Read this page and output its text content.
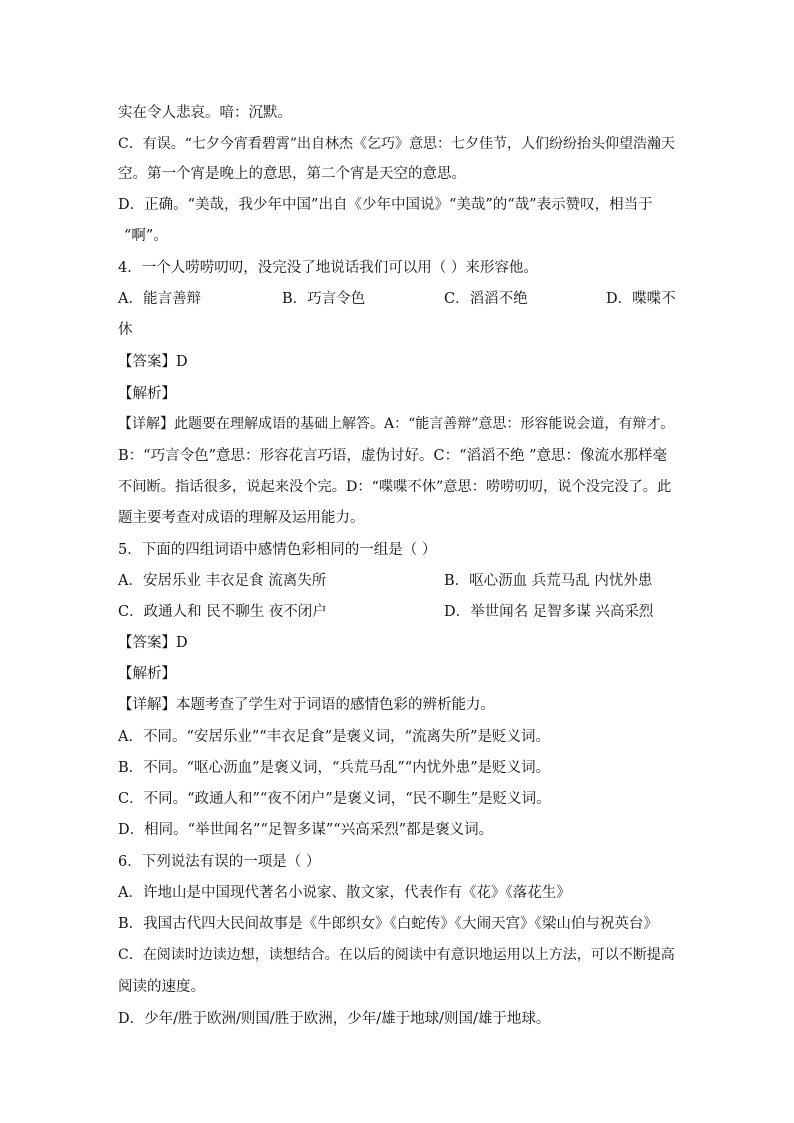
实在令人悲哀。喑：沉默。
C．有误。“七夕今宵看碧霄”出自林杰《乞巧》意思：七夕佳节，人们纷纷抬头仰望浩瀚天
空。第一个宵是晚上的意思，第二个宵是天空的意思。
D．正确。“美哉，我少年中国”出自《少年中国说》“美哉”的“哉”表示赞叹，相当于
“啊”。
4．一个人唠唠叨叨，没完没了地说话我们可以用（ ）来形容他。
A．能言善辩	B．巧言令色	C．滔滔不绝	D．喋喋不
休
【答案】D
【解析】
【详解】此题要在理解成语的基础上解答。A：“能言善辩”意思：形容能说会道，有辩才。
B：“巧言令色”意思：形容花言巧语，虚伪讨好。C：“滔滔不绝 ”意思：像流水那样毫
不间断。指话很多，说起来没个完。D：“喋喋不休”意思：唠唠叨叨，说个没完没了。此
题主要考查对成语的理解及运用能力。
5．下面的四组词语中感情色彩相同的一组是（ ）
A．安居乐业 丰衣足食 流离失所	B．呕心沥血 兵荒马乱 内忧外患
C．政通人和 民不聊生 夜不闭户	D．举世闻名 足智多谋 兴高采烈
【答案】D
【解析】
【详解】本题考查了学生对于词语的感情色彩的辨析能力。
A．不同。“安居乐业”“丰衣足食”是褒义词，“流离失所”是贬义词。
B．不同。“呕心沥血”是褒义词，“兵荒马乱”“内忧外患”是贬义词。
C．不同。“政通人和”“夜不闭户”是褒义词，“民不聊生”是贬义词。
D．相同。“举世闻名”“足智多谋”“兴高采烈”都是褒义词。
6．下列说法有误的一项是（ ）
A．许地山是中国现代著名小说家、散文家，代表作有《花》《落花生》
B．我国古代四大民间故事是《牛郎织女》《白蛇传》《大闹天宫》《梁山伯与祝英台》
C．在阅读时边读边想，读想结合。在以后的阅读中有意识地运用以上方法，可以不断提高
阅读的速度。
D．少年/胜于欧洲/则国/胜于欧洲，少年/雄于地球/则国/雄于地球。
